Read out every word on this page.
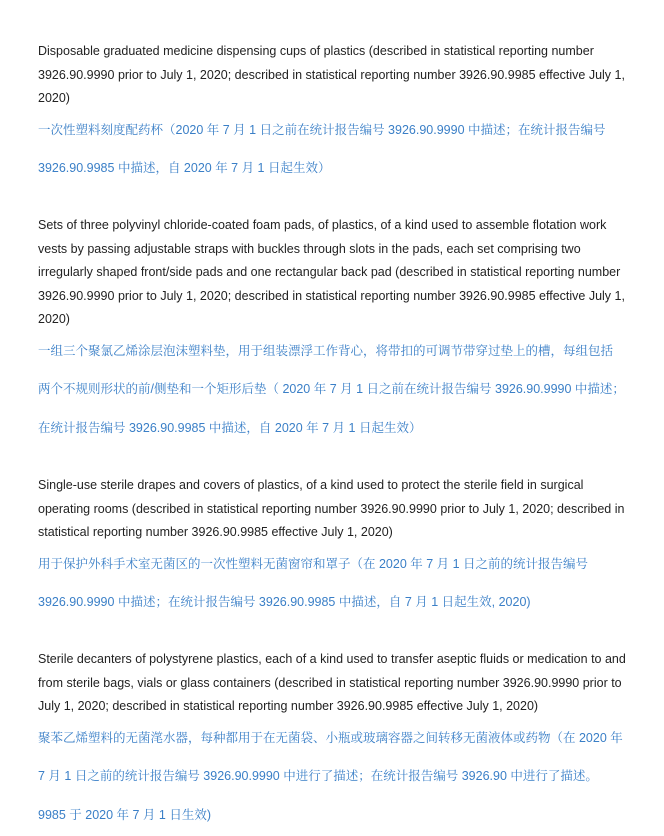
Disposable graduated medicine dispensing cups of plastics (described in statistical reporting number 3926.90.9990 prior to July 1, 2020; described in statistical reporting number 3926.90.9985 effective July 1, 2020)

一次性塑料刻度配药杯（2020 年 7 月 1 日之前在统计报告编号 3926.90.9990 中描述；在统计报告编号
3926.90.9985 中描述，自 2020 年 7 月 1 日起生效）

Sets of three polyvinyl chloride-coated foam pads, of plastics, of a kind used to assemble flotation work vests by passing adjustable straps with buckles through slots in the pads, each set comprising two irregularly shaped front/side pads and one rectangular back pad (described in statistical reporting number 3926.90.9990 prior to July 1, 2020; described in statistical reporting number 3926.90.9985 effective July 1, 2020)

一组三个聚氯乙烯涂层泡沫塑料垫，用于组装漂浮工作背心，将带扣的可调节带穿过垫上的槽，每组包括
两个不规则形状的前/侧垫和一个矩形后垫（ 2020 年 7 月 1 日之前在统计报告编号 3926.90.9990 中描述；
在统计报告编号 3926.90.9985 中描述，自 2020 年 7 月 1 日起生效）

Single-use sterile drapes and covers of plastics, of a kind used to protect the sterile field in surgical operating rooms (described in statistical reporting number 3926.90.9990 prior to July 1, 2020; described in statistical reporting number 3926.90.9985 effective July 1, 2020)

用于保护外科手术室无菌区的一次性塑料无菌窗帘和罩子（在 2020 年 7 月 1 日之前的统计报告编号
3926.90.9990 中描述；在统计报告编号 3926.90.9985 中描述，自 7 月 1 日起生效, 2020)

Sterile decanters of polystyrene plastics, each of a kind used to transfer aseptic fluids or medication to and from sterile bags, vials or glass containers (described in statistical reporting number 3926.90.9990 prior to July 1, 2020; described in statistical reporting number 3926.90.9985 effective July 1, 2020)

聚苯乙烯塑料的无菌滗水器，每种都用于在无菌袋、小瓶或玻璃容器之间转移无菌液体或药物（在 2020 年
7 月 1 日之前的统计报告编号 3926.90.9990 中进行了描述；在统计报告编号 3926.90 中进行了描述。
9985 于 2020 年 7 月 1 日生效)
